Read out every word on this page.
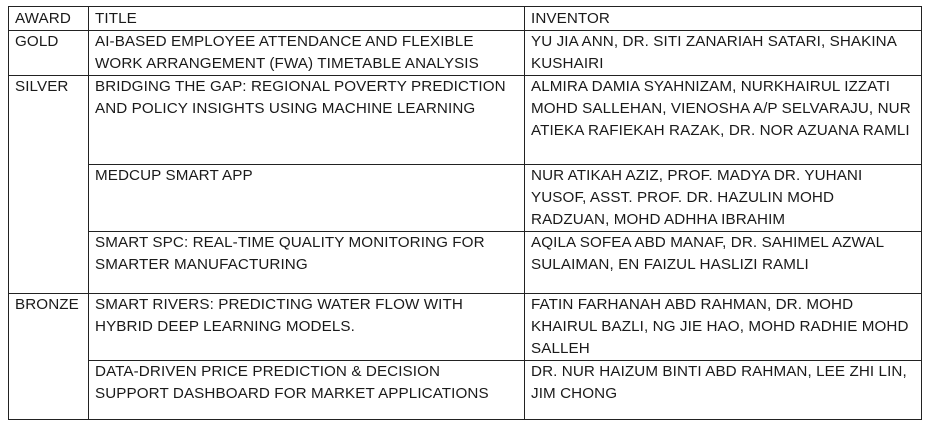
AWARD	TITLE	INVENTOR
GOLD	AI-BASED EMPLOYEE ATTENDANCE AND FLEXIBLE WORK ARRANGEMENT (FWA) TIMETABLE ANALYSIS	YU JIA ANN, DR. SITI ZANARIAH SATARI, SHAKINA KUSHAIRI
SILVER	BRIDGING THE GAP: REGIONAL POVERTY PREDICTION AND POLICY INSIGHTS USING MACHINE LEARNING	ALMIRA DAMIA SYAHNIZAM, NURKHAIRUL IZZATI MOHD SALLEHAN, VIENOSHA A/P SELVARAJU, NUR ATIEKA RAFIEKAH RAZAK, DR. NOR AZUANA RAMLI
	MEDCUP SMART APP	NUR ATIKAH AZIZ, PROF. MADYA DR. YUHANI YUSOF, ASST. PROF. DR. HAZULIN MOHD RADZUAN, MOHD ADHHA IBRAHIM
	SMART SPC: REAL-TIME QUALITY MONITORING FOR SMARTER MANUFACTURING	AQILA SOFEA ABD MANAF, DR. SAHIMEL AZWAL SULAIMAN, EN FAIZUL HASLIZI RAMLI
BRONZE	SMART RIVERS: PREDICTING WATER FLOW WITH HYBRID DEEP LEARNING MODELS.	FATIN FARHANAH ABD RAHMAN, DR. MOHD KHAIRUL BAZLI, NG JIE HAO, MOHD RADHIE MOHD SALLEH
	DATA-DRIVEN PRICE PREDICTION & DECISION SUPPORT DASHBOARD FOR MARKET APPLICATIONS	DR. NUR HAIZUM BINTI ABD RAHMAN, LEE ZHI LIN, JIM CHONG
